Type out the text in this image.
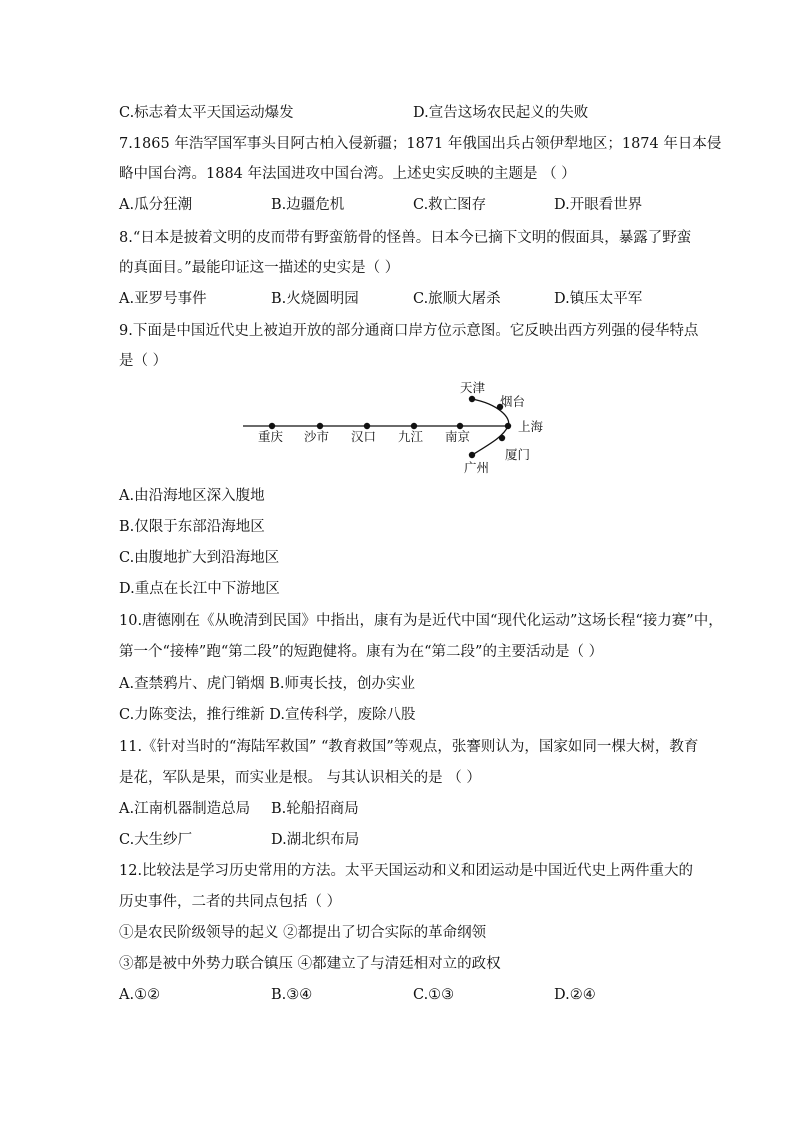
C.标志着太平天国运动爆发	D.宣告这场农民起义的失败
7.1865 年浩罕国军事头目阿古柏入侵新疆；1871 年俄国出兵占领伊犁地区；1874 年日本侵
略中国台湾。1884 年法国进攻中国台湾。上述史实反映的主题是 （ ）
A.瓜分狂潮	B.边疆危机	C.救亡图存	D.开眼看世界
8.“日本是披着文明的皮而带有野蛮筋骨的怪兽。日本今已摘下文明的假面具，暴露了野蛮
的真面目。”最能印证这一描述的史实是（ ）
A.亚罗号事件	B.火烧圆明园	C.旅顺大屠杀	D.镇压太平军
9.下面是中国近代史上被迫开放的部分通商口岸方位示意图。它反映出西方列强的侵华特点
是（ ）
重庆 沙市 汉口 九江 南京
天津
烟台
上海
厦门
广州
A.由沿海地区深入腹地
B.仅限于东部沿海地区
C.由腹地扩大到沿海地区
D.重点在长江中下游地区
10.唐德刚在《从晚清到民国》中指出，康有为是近代中国“现代化运动”这场长程“接力赛”中，
第一个“接棒”跑“第二段”的短跑健将。康有为在“第二段”的主要活动是（ ）
A.查禁鸦片、虎门销烟 B.师夷长技，创办实业
C.力陈变法，推行维新 D.宣传科学，废除八股
11.《针对当时的“海陆军救国” “教育救国”等观点，张謇则认为，国家如同一棵大树，教育
是花，军队是果，而实业是根。 与其认识相关的是 （ ）
A.江南机器制造总局 B.轮船招商局
C.大生纱厂	D.湖北织布局
12.比较法是学习历史常用的方法。太平天国运动和义和团运动是中国近代史上两件重大的
历史事件，二者的共同点包括（ ）
①是农民阶级领导的起义 ②都提出了切合实际的革命纲领
③都是被中外势力联合镇压 ④都建立了与清廷相对立的政权
A.①②	B.③④	C.①③	D.②④
